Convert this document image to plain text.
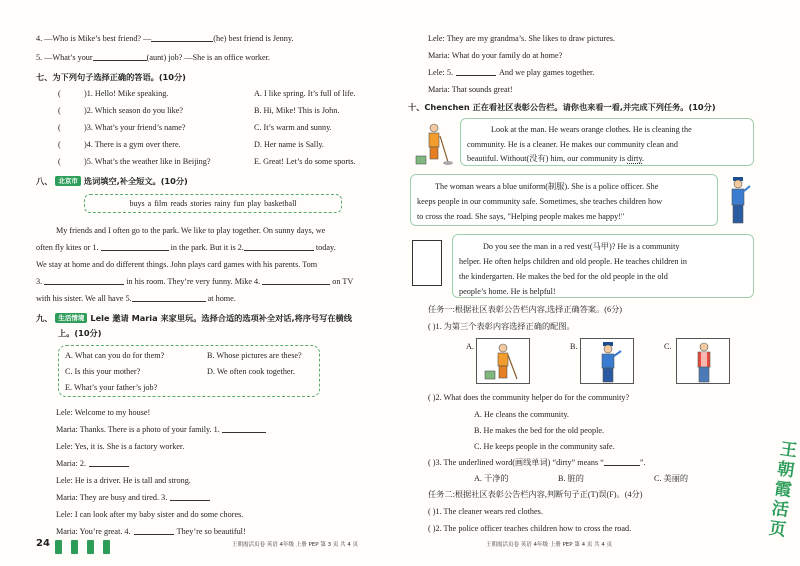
4. —Who is Mike’s best friend? —	(he) best friend is Jenny.
5. —What’s your	(aunt) job? —She is an office worker.
七、为下列句子选择正确的答语。(10分)
(	)1. Hello! Mike speaking.	A. I like spring. It’s full of life.
(	)2. Which season do you like?	B. Hi, Mike! This is John.
(	)3. What’s your friend’s name?	C. It’s warm and sunny.
(	)4. There is a gym over there.	D. Her name is Sally.
(	)5. What’s the weather like in Beijing?	E. Great! Let’s do some sports.
八、 北京市 选词填空,补全短文。(10分)
buys a film reads stories rainy fun play basketball
My friends and I often go to the park. We like to play together. On sunny days, we
often fly kites or 1.	in the park. But it is 2.	today.
We stay at home and do different things. John plays card games with his parents. Tom
3.	in his room. They’re very funny. Mike 4.	on TV
with his sister. We all have 5.	at home.
九、 生活情境 Lele 邀请 Maria 来家里玩。选择合适的选项补全对话,将序号写在横线
上。(10分)
A. What can you do for them?	B. Whose pictures are these?
C. Is this your mother?	D. We often cook together.
E. What’s your father’s job?
Lele: Welcome to my house!
Maria: Thanks. There is a photo of your family. 1.
Lele: Yes, it is. She is a factory worker.
Maria: 2.
Lele: He is a driver. He is tall and strong.
Maria: They are busy and tired. 3.
Lele: I can look after my baby sister and do some chores.
Maria: You’re great. 4.	They’re so beautiful!
24	王朝霞活页卷 英语 4年级 上册 PEP 第 3 页 共 4 页
Lele: They are my grandma’s. She likes to draw pictures.
Maria: What do your family do at home?
Lele: 5.	And we play games together.
Maria: That sounds great!
十、Chenchen 正在看社区表彰公告栏。请你也来看一看,并完成下列任务。(10分)
Look at the man. He wears orange clothes. He is cleaning the
community. He is a cleaner. He makes our community clean and
beautiful. Without(没有) him, our community is dirty.
The woman wears a blue uniform(制服). She is a police officer. She
keeps people in our community safe. Sometimes, she teaches children how
to cross the road. She says, "Helping people makes me happy!"
Do you see the man in a red vest(马甲)? He is a community
helper. He often helps children and old people. He teaches children in
the kindergarten. He makes the bed for the old people in the old
people’s home. He is helpful!
任务一:根据社区表彰公告栏内容,选择正确答案。(6分)
( )1. 为第三个表彰内容选择正确的配图。
A.	B.	C.
( )2. What does the community helper do for the community?
A. He cleans the community.
B. He makes the bed for the old people.
C. He keeps people in the community safe.
( )3. The underlined word(画线单词) “dirty” means “	”.
A. 干净的	B. 脏的	C. 美丽的
任务二:根据社区表彰公告栏内容,判断句子正(T)误(F)。(4分)
( )1. The cleaner wears red clothes.
( )2. The police officer teaches children how to cross the road.
王朝霞活页卷 英语 4年级 上册 PEP 第 4 页 共 4 页
王朝霞活页
